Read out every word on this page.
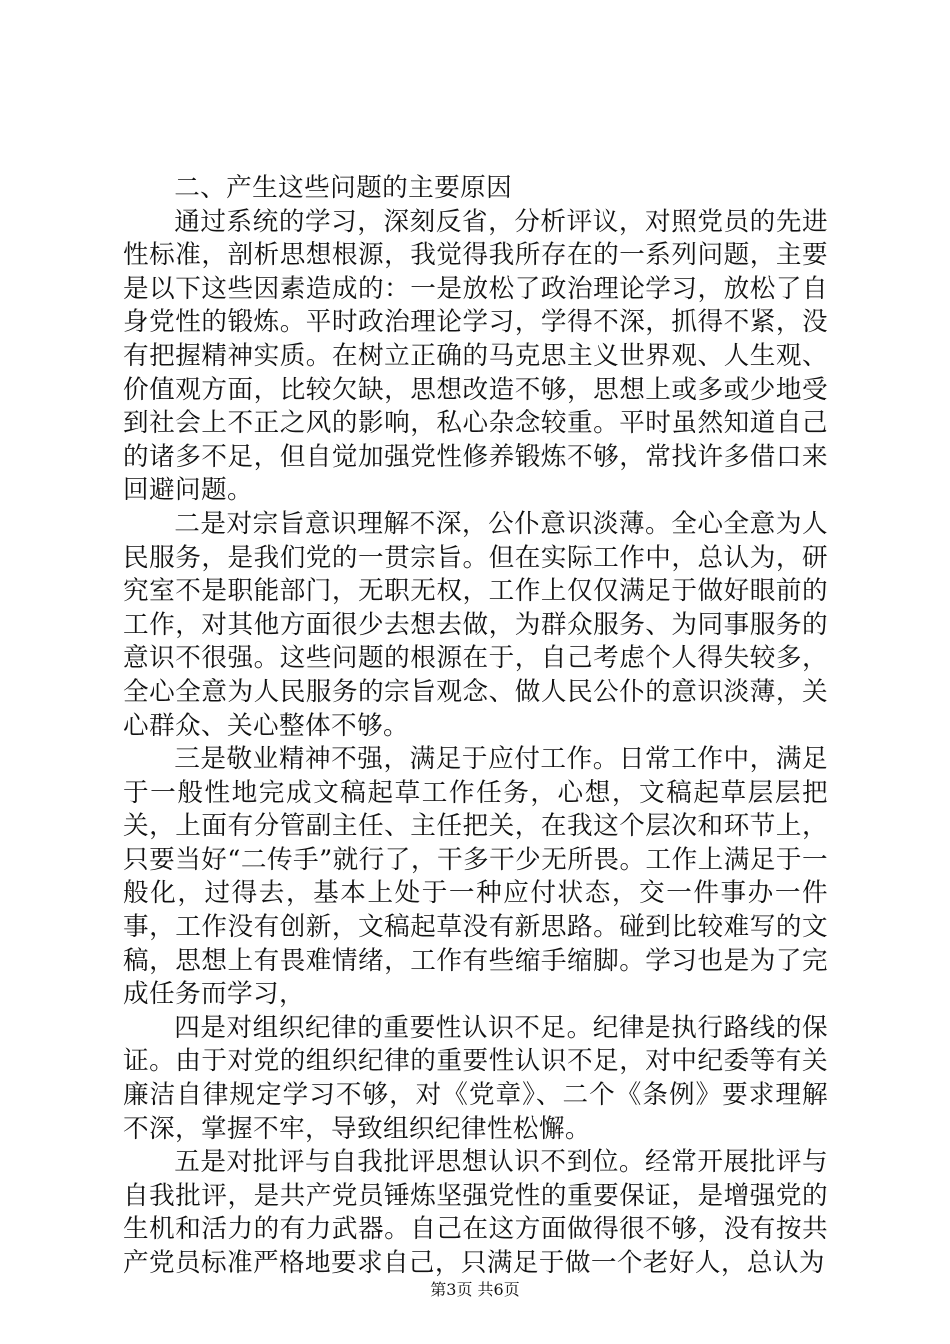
二、产生这些问题的主要原因

通过系统的学习，深刻反省，分析评议，对照党员的先进性标准，剖析思想根源，我觉得我所存在的一系列问题，主要是以下这些因素造成的：一是放松了政治理论学习，放松了自身党性的锻炼。平时政治理论学习，学得不深，抓得不紧，没有把握精神实质。在树立正确的马克思主义世界观、人生观、价值观方面，比较欠缺，思想改造不够，思想上或多或少地受到社会上不正之风的影响，私心杂念较重。平时虽然知道自己的诸多不足，但自觉加强党性修养锻炼不够，常找许多借口来回避问题。

二是对宗旨意识理解不深，公仆意识淡薄。全心全意为人民服务，是我们党的一贯宗旨。但在实际工作中，总认为，研究室不是职能部门，无职无权，工作上仅仅满足于做好眼前的工作，对其他方面很少去想去做，为群众服务、为同事服务的意识不很强。这些问题的根源在于，自己考虑个人得失较多，全心全意为人民服务的宗旨观念、做人民公仆的意识淡薄，关心群众、关心整体不够。

三是敬业精神不强，满足于应付工作。日常工作中，满足于一般性地完成文稿起草工作任务，心想，文稿起草层层把关，上面有分管副主任、主任把关，在我这个层次和环节上，只要当好“二传手”就行了，干多干少无所畏。工作上满足于一般化，过得去，基本上处于一种应付状态，交一件事办一件事，工作没有创新，文稿起草没有新思路。碰到比较难写的文稿，思想上有畏难情绪，工作有些缩手缩脚。学习也是为了完成任务而学习，

四是对组织纪律的重要性认识不足。纪律是执行路线的保证。由于对党的组织纪律的重要性认识不足，对中纪委等有关廉洁自律规定学习不够，对《党章》、二个《条例》要求理解不深，掌握不牢，导致组织纪律性松懈。

五是对批评与自我批评思想认识不到位。经常开展批评与自我批评，是共产党员锤炼坚强党性的重要保证，是增强党的生机和活力的有力武器。自己在这方面做得很不够，没有按共产党员标准严格地要求自己，只满足于做一个老好人，总认为

第3页 共6页
